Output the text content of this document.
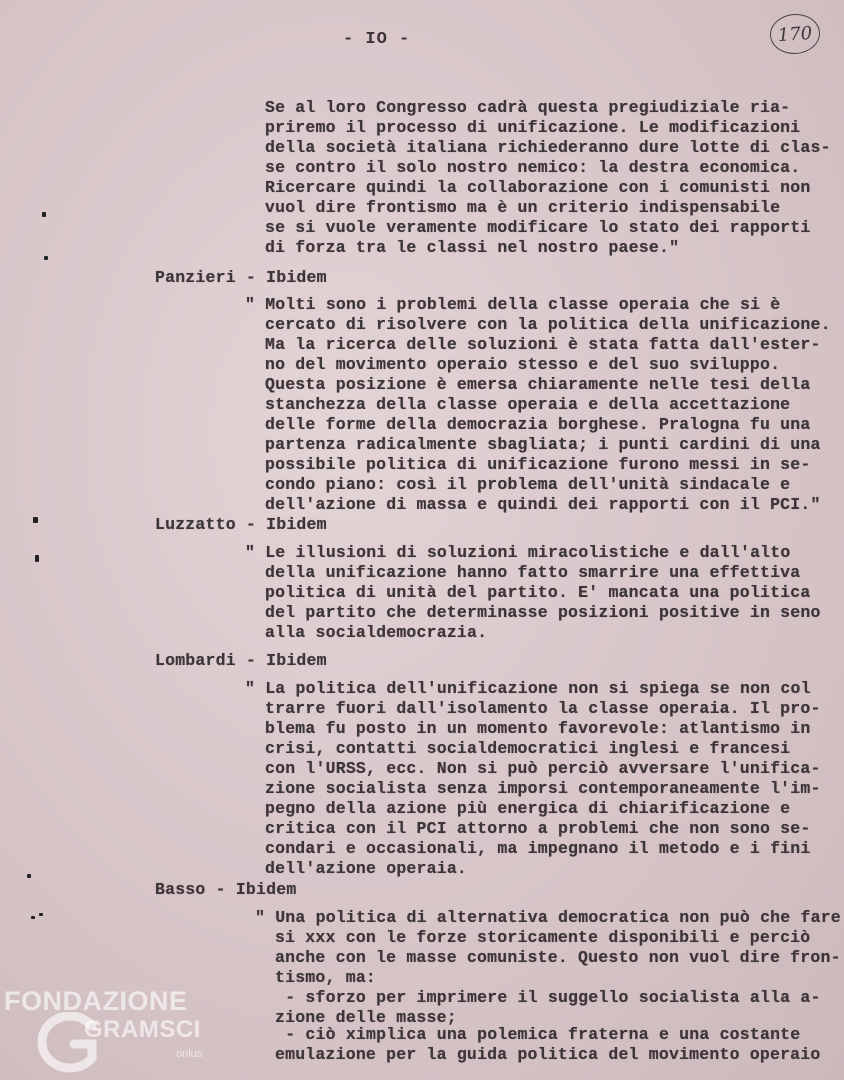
- IO -	170
Se al loro Congresso cadrà questa pregiudiziale ria-
priremo il processo di unificazione. Le modificazioni
della società italiana richiederanno dure lotte di clas-
se contro il solo nostro nemico: la destra economica.
Ricercare quindi la collaborazione con i comunisti non
vuol dire frontismo ma è un criterio indispensabile
se si vuole veramente modificare lo stato dei rapporti
di forza tra le classi nel nostro paese."
Panzieri - Ibidem
" Molti sono i problemi della classe operaia che si è
cercato di risolvere con la politica della unificazione.
Ma la ricerca delle soluzioni è stata fatta dall'ester-
no del movimento operaio stesso e del suo sviluppo.
Questa posizione è emersa chiaramente nelle tesi della
stanchezza della classe operaia e della accettazione
delle forme della democrazia borghese. Pralogna fu una
partenza radicalmente sbagliata; i punti cardini di una
possibile politica di unificazione furono messi in se-
condo piano: così il problema dell'unità sindacale e
dell'azione di massa e quindi dei rapporti con il PCI."
Luzzatto - Ibidem
" Le illusioni di soluzioni miracolistiche e dall'alto
della unificazione hanno fatto smarrire una effettiva
politica di unità del partito. E' mancata una politica
del partito che determinasse posizioni positive in seno
alla socialdemocrazia.
Lombardi - Ibidem
" La politica dell'unificazione non si spiega se non col
trarre fuori dall'isolamento la classe operaia. Il pro-
blema fu posto in un momento favorevole: atlantismo in
crisi, contatti socialdemocratici inglesi e francesi
con l'URSS, ecc. Non si può perciò avversare l'unifica-
zione socialista senza imporsi contemporaneamente l'im-
pegno della azione più energica di chiarificazione e
critica con il PCI attorno a problemi che non sono se-
condari e occasionali, ma impegnano il metodo e i fini
dell'azione operaia.
Basso - Ibidem
" Una politica di alternativa democratica non può che fare
si xxx con le forze storicamente disponibili e perciò
anche con le masse comuniste. Questo non vuol dire fron-
tismo, ma:
- sforzo per imprimere il suggello socialista alla a-
zione delle masse;
- ciò ximplica una polemica fraterna e una costante
emulazione per la guida politica del movimento operaio
FONDAZIONE
GRAMSCI
onlus
